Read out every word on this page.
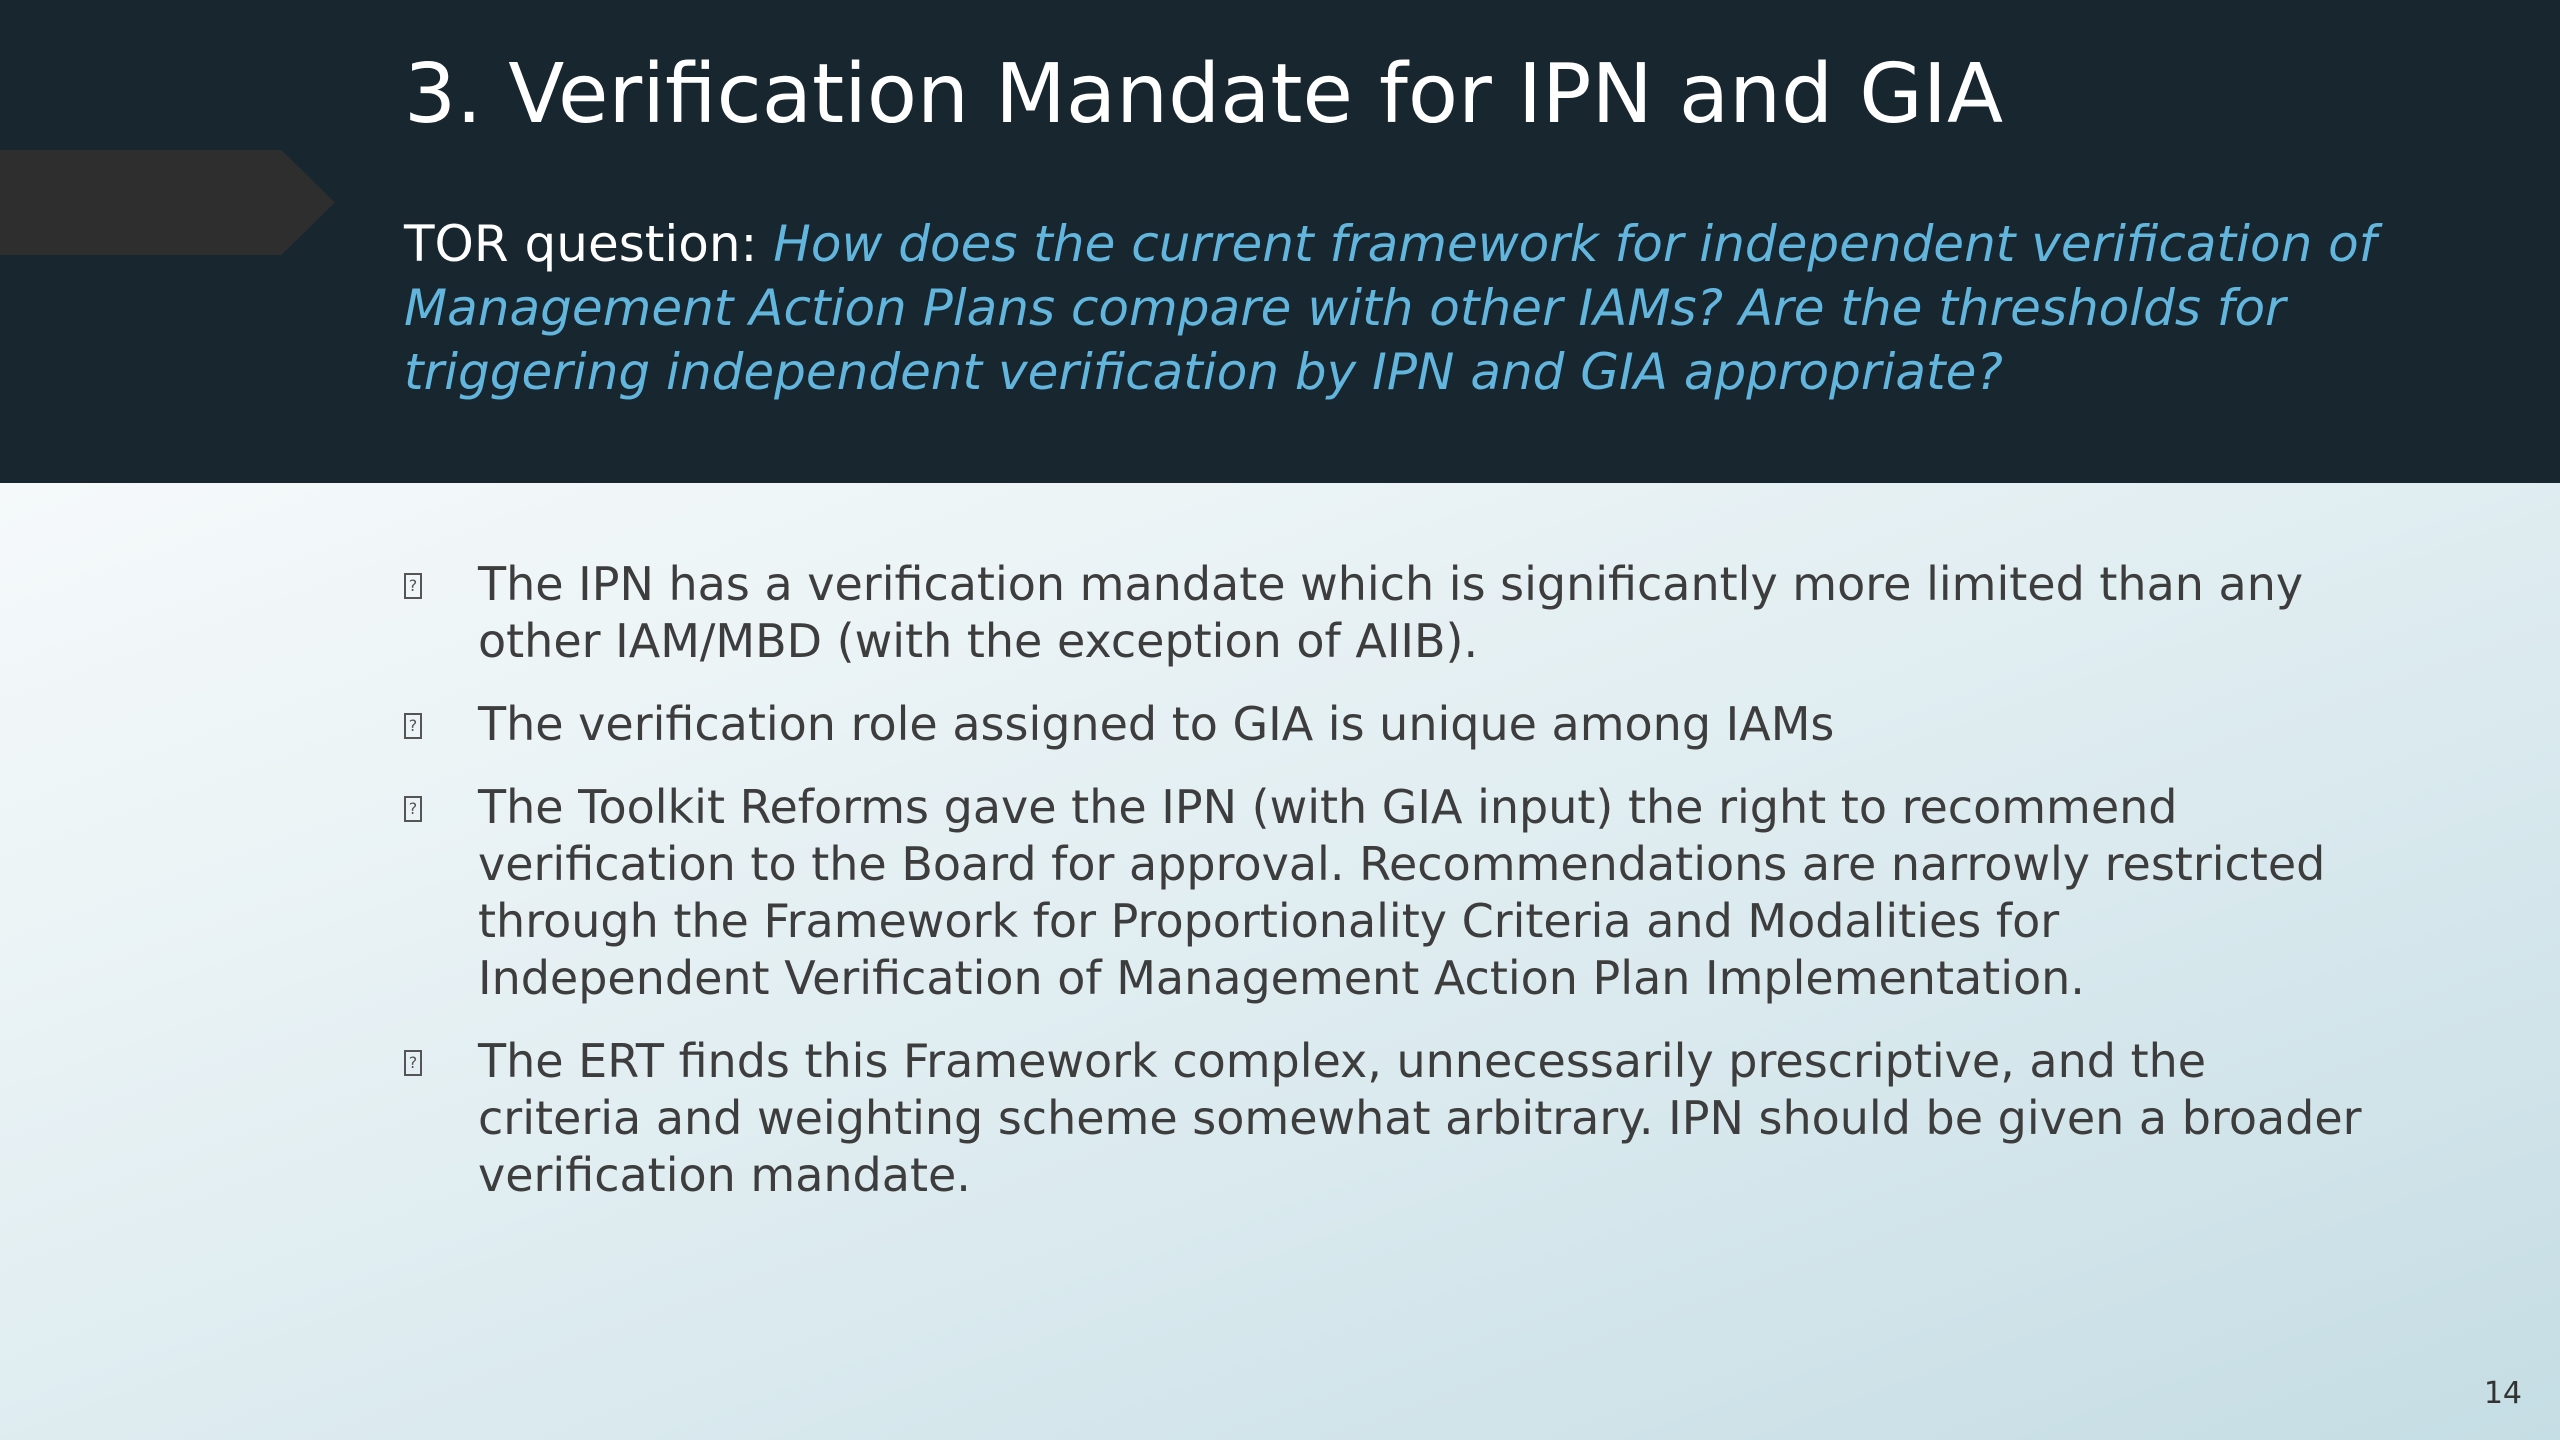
3. Verification Mandate for IPN and GIA

TOR question: How does the current framework for independent verification of Management Action Plans compare with other IAMs? Are the thresholds for triggering independent verification by IPN and GIA appropriate?

? The IPN has a verification mandate which is significantly more limited than any other IAM/MBD (with the exception of AIIB).
? The verification role assigned to GIA is unique among IAMs
? The Toolkit Reforms gave the IPN (with GIA input) the right to recommend verification to the Board for approval. Recommendations are narrowly restricted through the Framework for Proportionality Criteria and Modalities for Independent Verification of Management Action Plan Implementation.
? The ERT finds this Framework complex, unnecessarily prescriptive, and the criteria and weighting scheme somewhat arbitrary. IPN should be given a broader verification mandate.
14
